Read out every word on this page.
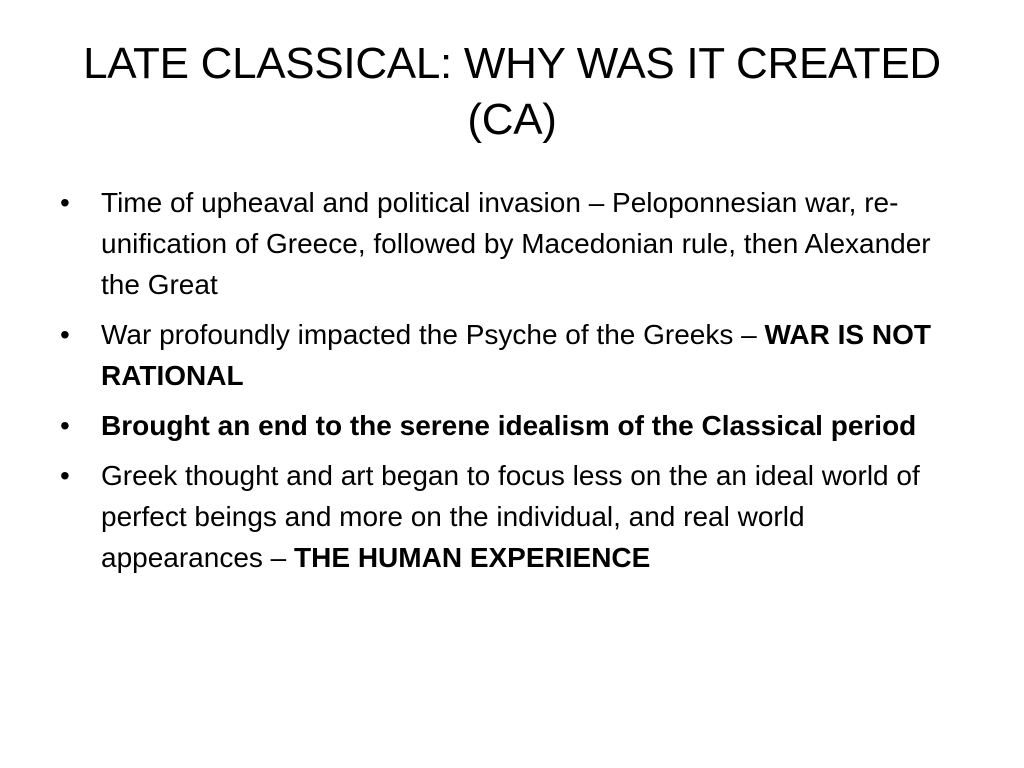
LATE CLASSICAL: WHY WAS IT CREATED
(CA)
•	Time of upheaval and political invasion – Peloponnesian war, re-unification of Greece, followed by Macedonian rule, then Alexander the Great
•	War profoundly impacted the Psyche of the Greeks – WAR IS NOT RATIONAL
•	Brought an end to the serene idealism of the Classical period
•	Greek thought and art began to focus less on the an ideal world of perfect beings and more on the individual, and real world appearances – THE HUMAN EXPERIENCE
